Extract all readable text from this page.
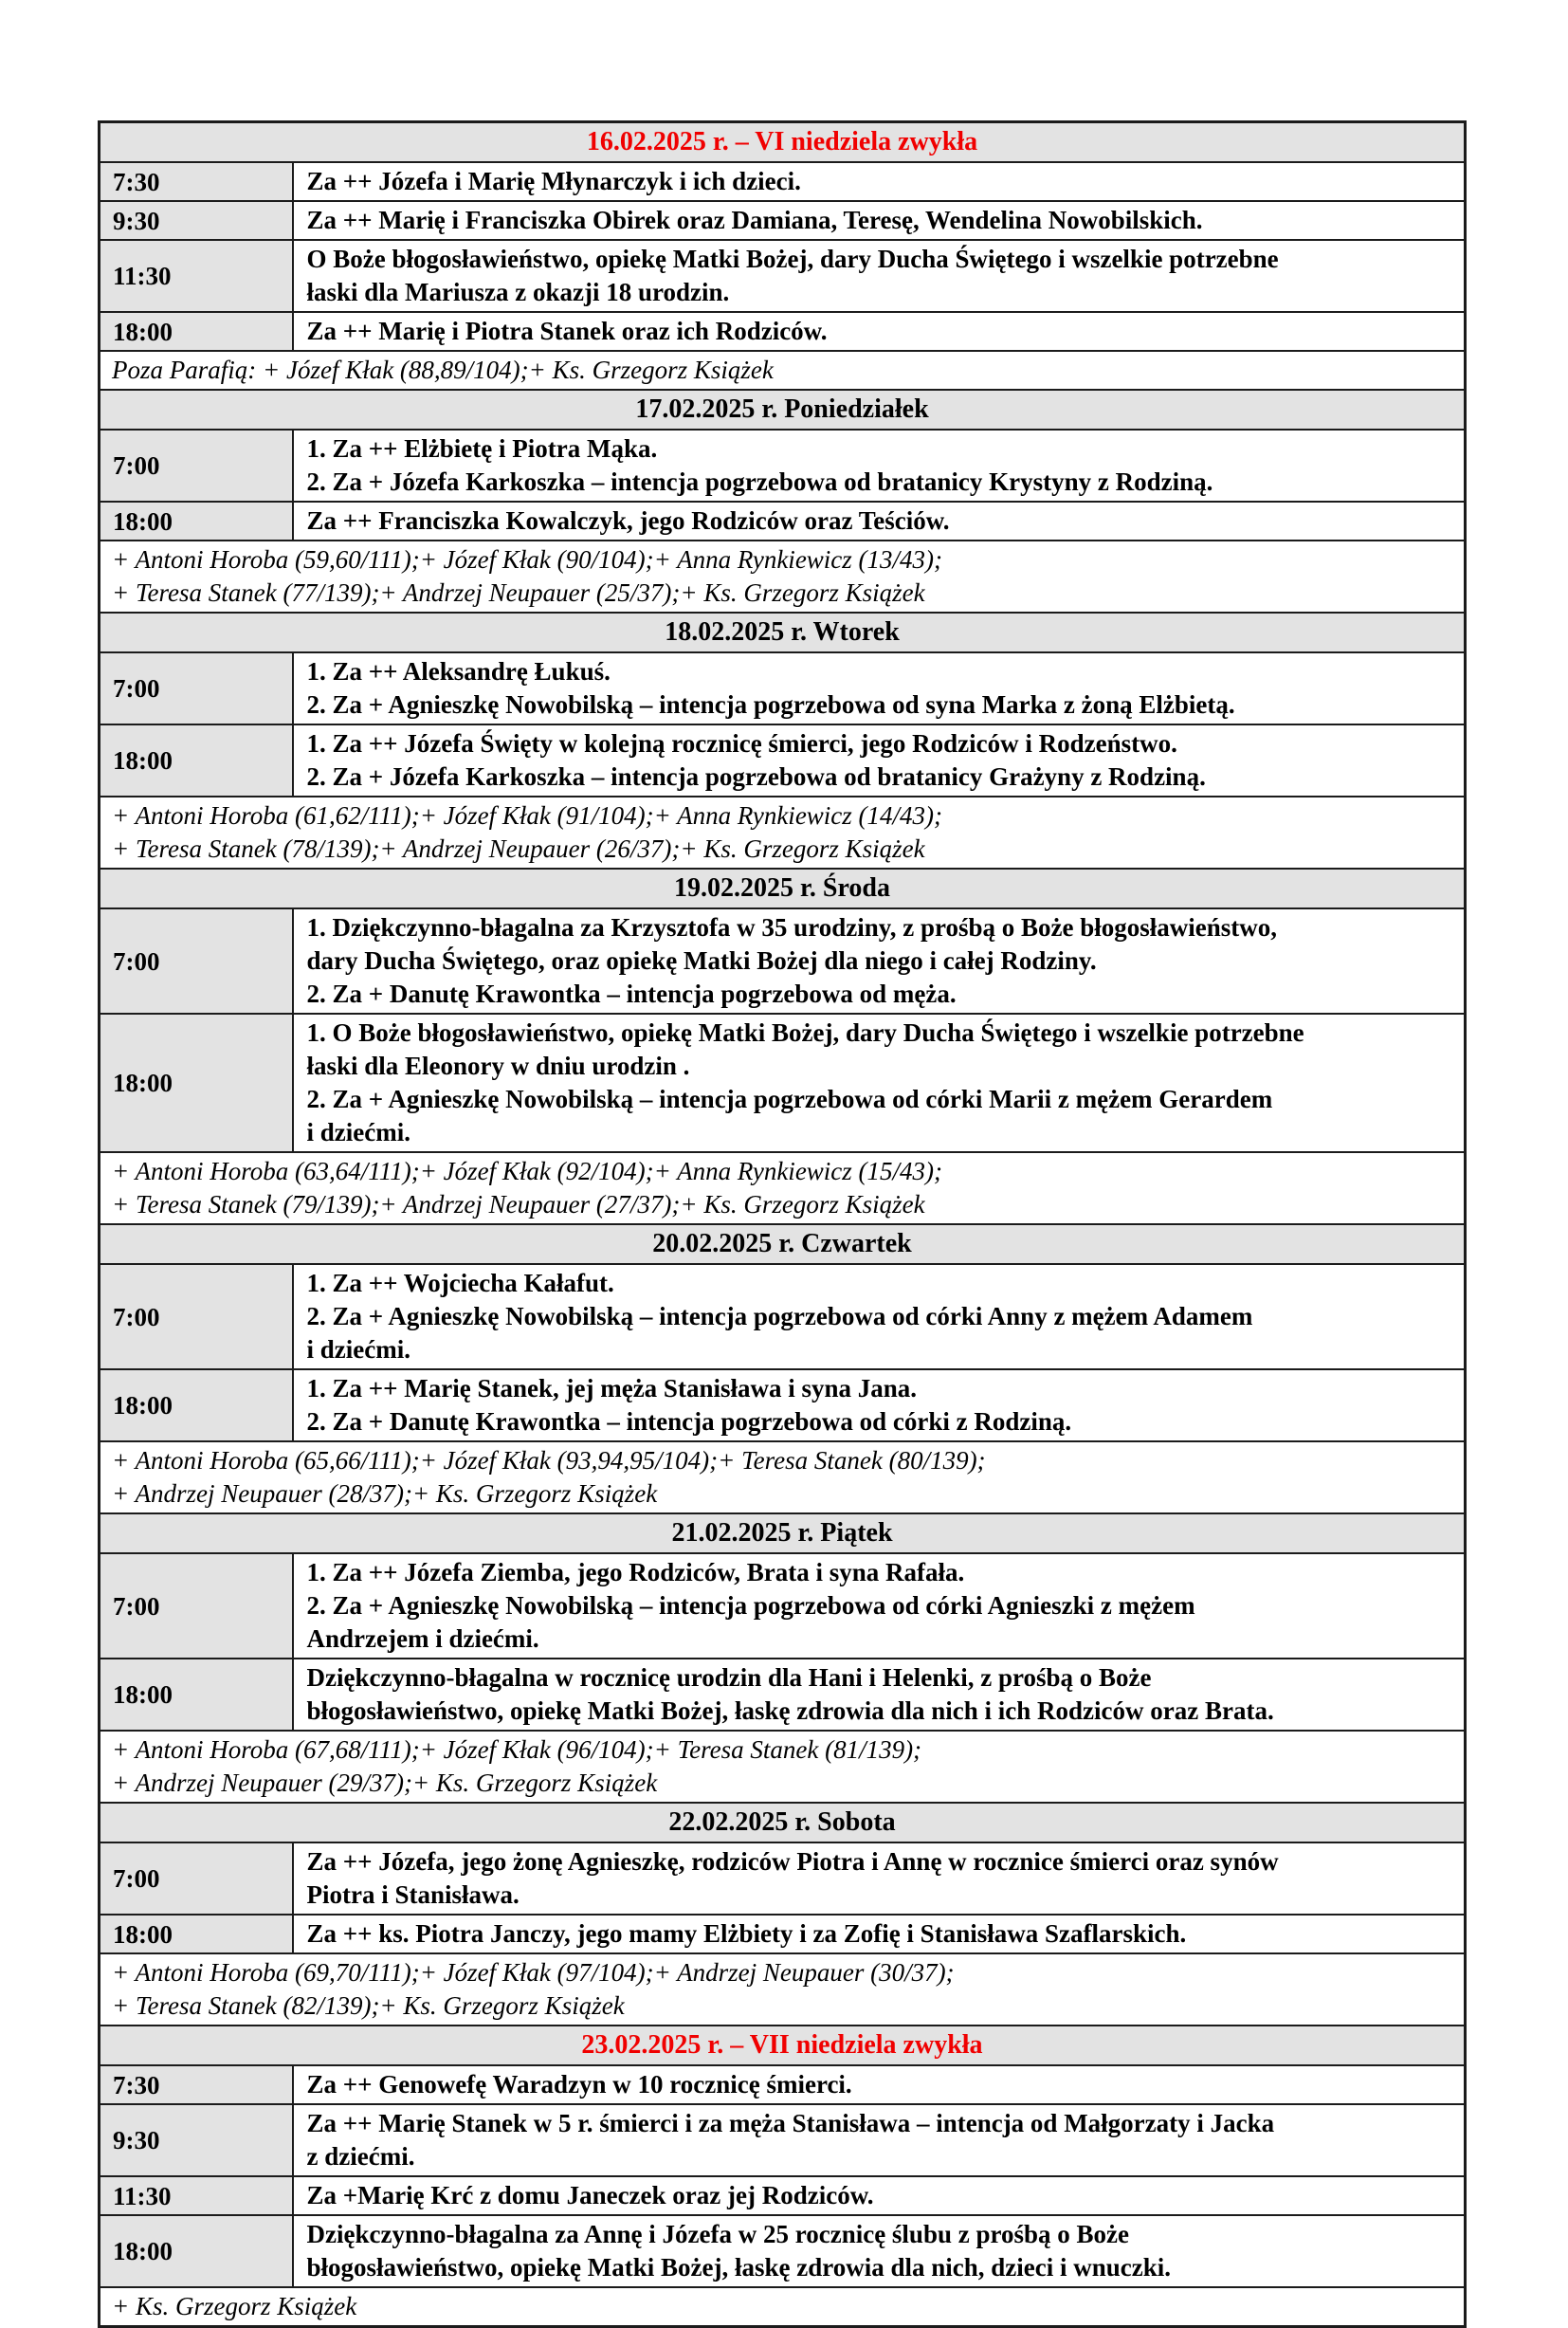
16.02.2025 r. – VI niedziela zwykła	
7:30	Za ++ Józefa i Marię Młynarczyk i ich dzieci.

9:30	Za ++ Marię i Franciszka Obirek oraz Damiana, Teresę, Wendelina Nowobilskich.

11:30	O Boże błogosławieństwo, opiekę Matki Bożej, dary Ducha Świętego i wszelkie potrzebne
łaski dla Mariusza z okazji 18 urodzin.

18:00	Za ++ Marię i Piotra Stanek oraz ich Rodziców.

Poza Parafią: + Józef Kłak (88,89/104);+ Ks. Grzegorz Książek	

17.02.2025 r. Poniedziałek	
7:00	1. Za ++ Elżbietę i Piotra Mąka.
2. Za + Józefa Karkoszka – intencja pogrzebowa od bratanicy Krystyny z Rodziną.

18:00	Za ++ Franciszka Kowalczyk, jego Rodziców oraz Teściów.

+ Antoni Horoba (59,60/111);+ Józef Kłak (90/104);+ Anna Rynkiewicz (13/43);
+ Teresa Stanek (77/139);+ Andrzej Neupauer (25/37);+ Ks. Grzegorz Książek	

18.02.2025 r. Wtorek	
7:00	1. Za ++ Aleksandrę Łukuś.
2. Za + Agnieszkę Nowobilską – intencja pogrzebowa od syna Marka z żoną Elżbietą.

18:00	1. Za ++ Józefa Święty w kolejną rocznicę śmierci, jego Rodziców i Rodzeństwo.
2. Za + Józefa Karkoszka – intencja pogrzebowa od bratanicy Grażyny z Rodziną.

+ Antoni Horoba (61,62/111);+ Józef Kłak (91/104);+ Anna Rynkiewicz (14/43);
+ Teresa Stanek (78/139);+ Andrzej Neupauer (26/37);+ Ks. Grzegorz Książek	

19.02.2025 r. Środa	
7:00	1. Dziękczynno-błagalna za Krzysztofa w 35 urodziny, z prośbą o Boże błogosławieństwo,
dary Ducha Świętego, oraz opiekę Matki Bożej dla niego i całej Rodziny.
2. Za + Danutę Krawontka – intencja pogrzebowa od męża.

18:00	1. O Boże błogosławieństwo, opiekę Matki Bożej, dary Ducha Świętego i wszelkie potrzebne
łaski dla Eleonory w dniu urodzin .
2. Za + Agnieszkę Nowobilską – intencja pogrzebowa od córki Marii z mężem Gerardem
i dziećmi.

+ Antoni Horoba (63,64/111);+ Józef Kłak (92/104);+ Anna Rynkiewicz (15/43);
+ Teresa Stanek (79/139);+ Andrzej Neupauer (27/37);+ Ks. Grzegorz Książek	

20.02.2025 r. Czwartek	
7:00	1. Za ++ Wojciecha Kałafut.
2. Za + Agnieszkę Nowobilską – intencja pogrzebowa od córki Anny z mężem Adamem
i dziećmi.

18:00	1. Za ++ Marię Stanek, jej męża Stanisława i syna Jana.
2. Za + Danutę Krawontka – intencja pogrzebowa od córki z Rodziną.

+ Antoni Horoba (65,66/111);+ Józef Kłak (93,94,95/104);+ Teresa Stanek (80/139);
+ Andrzej Neupauer (28/37);+ Ks. Grzegorz Książek	

21.02.2025 r. Piątek	
7:00	1. Za ++ Józefa Ziemba, jego Rodziców, Brata i syna Rafała.
2. Za + Agnieszkę Nowobilską – intencja pogrzebowa od córki Agnieszki z mężem
Andrzejem i dziećmi.

18:00	Dziękczynno-błagalna w rocznicę urodzin dla Hani i Helenki, z prośbą o Boże
błogosławieństwo, opiekę Matki Bożej, łaskę zdrowia dla nich i ich Rodziców oraz Brata.

+ Antoni Horoba (67,68/111);+ Józef Kłak (96/104);+ Teresa Stanek (81/139);
+ Andrzej Neupauer (29/37);+ Ks. Grzegorz Książek	

22.02.2025 r. Sobota	
7:00	Za ++ Józefa, jego żonę Agnieszkę, rodziców Piotra i Annę w rocznice śmierci oraz synów
Piotra i Stanisława.

18:00	Za ++ ks. Piotra Janczy, jego mamy Elżbiety i za Zofię i Stanisława Szaflarskich.

+ Antoni Horoba (69,70/111);+ Józef Kłak (97/104);+ Andrzej Neupauer (30/37);
+ Teresa Stanek (82/139);+ Ks. Grzegorz Książek	

23.02.2025 r. – VII niedziela zwykła	
7:30	Za ++ Genowefę Waradzyn w 10 rocznicę śmierci.

9:30	Za ++ Marię Stanek w 5 r. śmierci i za męża Stanisława – intencja od Małgorzaty i Jacka
z dziećmi.

11:30	Za +Marię Krć z domu Janeczek oraz jej Rodziców.

18:00	Dziękczynno-błagalna za Annę i Józefa w 25 rocznicę ślubu z prośbą o Boże
błogosławieństwo, opiekę Matki Bożej, łaskę zdrowia dla nich, dzieci i wnuczki.

+ Ks. Grzegorz Książek	
